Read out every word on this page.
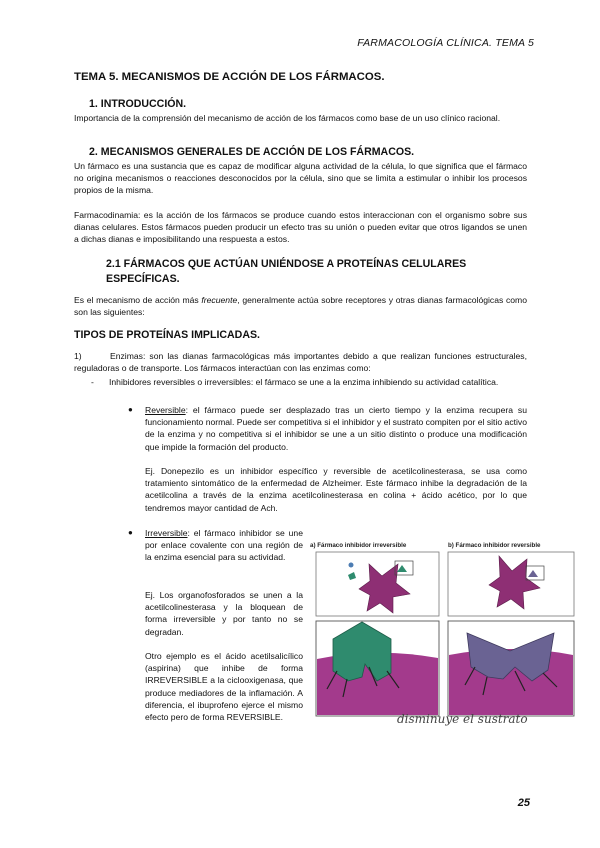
FARMACOLOGÍA CLÍNICA. TEMA 5
TEMA 5. MECANISMOS DE ACCIÓN DE LOS FÁRMACOS.
1. INTRODUCCIÓN.
Importancia de la comprensión del mecanismo de acción de los fármacos como base de un uso clínico racional.
2. MECANISMOS GENERALES DE ACCIÓN DE LOS FÁRMACOS.
Un fármaco es una sustancia que es capaz de modificar alguna actividad de la célula, lo que significa que el fármaco no origina mecanismos o reacciones desconocidos por la célula, sino que se limita a estimular o inhibir los procesos propios de la misma.
Farmacodinamia: es la acción de los fármacos se produce cuando estos interaccionan con el organismo sobre sus dianas celulares. Estos fármacos pueden producir un efecto tras su unión o pueden evitar que otros ligandos se unen a dichas dianas e imposibilitando una respuesta a estos.
2.1 FÁRMACOS QUE ACTÚAN UNIÉNDOSE A PROTEÍNAS CELULARES ESPECÍFICAS.
Es el mecanismo de acción más frecuente, generalmente actúa sobre receptores y otras dianas farmacológicas como son las siguientes:
TIPOS DE PROTEÍNAS IMPLICADAS.
1)	Enzimas: son las dianas farmacológicas más importantes debido a que realizan funciones estructurales, reguladoras o de transporte. Los fármacos interactúan con las enzimas como:
- Inhibidores reversibles o irreversibles: el fármaco se une a la enzima inhibiendo su actividad catalítica.
● Reversible: el fármaco puede ser desplazado tras un cierto tiempo y la enzima recupera su funcionamiento normal. Puede ser competitiva si el inhibidor y el sustrato compiten por el sitio activo de la enzima y no competitiva si el inhibidor se une a un sitio distinto o produce una modificación que impide la formación del producto.
Ej. Donepezilo es un inhibidor específico y reversible de acetilcolinesterasa, se usa como tratamiento sintomático de la enfermedad de Alzheimer. Este fármaco inhibe la degradación de la acetilcolina a través de la enzima acetilcolinesterasa en colina + ácido acético, por lo que tendremos mayor cantidad de Ach.
● Irreversible: el fármaco inhibidor se une por enlace covalente con una región de la enzima esencial para su actividad.
Ej. Los organofosforados se unen a la acetilcolinesterasa y la bloquean de forma irreversible y por tanto no se degradan.
Otro ejemplo es el ácido acetilsalicílico (aspirina) que inhibe de forma IRREVERSIBLE a la ciclooxigenasa, que produce mediadores de la inflamación. A diferencia, el ibuprofeno ejerce el mismo efecto pero de forma REVERSIBLE.
a) Fármaco inhibidor irreversible	b) Fármaco inhibidor reversible
disminuye el sustrato
25
